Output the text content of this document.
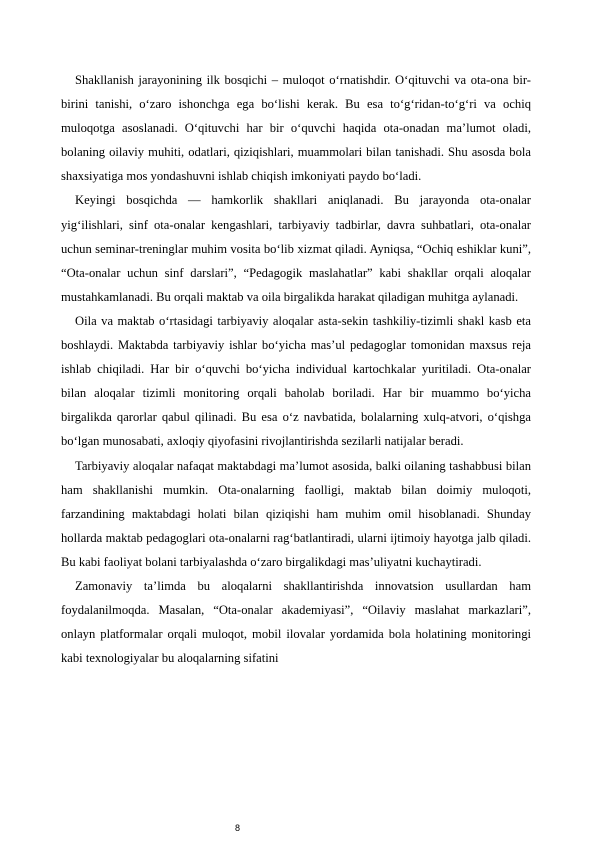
Shakllanish jarayonining ilk bosqichi – muloqot o‘rnatishdir. O‘qituvchi va ota-ona bir-birini tanishi, o‘zaro ishonchga ega bo‘lishi kerak. Bu esa to‘g‘ridan-to‘g‘ri va ochiq muloqotga asoslanadi. O‘qituvchi har bir o‘quvchi haqida ota-onadan ma’lumot oladi, bolaning oilaviy muhiti, odatlari, qiziqishlari, muammolari bilan tanishadi. Shu asosda bola shaxsiyatiga mos yondashuvni ishlab chiqish imkoniyati paydo bo‘ladi.

Keyingi bosqichda — hamkorlik shakllari aniqlanadi. Bu jarayonda ota-onalar yig‘ilishlari, sinf ota-onalar kengashlari, tarbiyaviy tadbirlar, davra suhbatlari, ota-onalar uchun seminar-treninglar muhim vosita bo‘lib xizmat qiladi. Ayniqsa, “Ochiq eshiklar kuni”, “Ota-onalar uchun sinf darslari”, “Pedagogik maslahatlar” kabi shakllar orqali aloqalar mustahkamlanadi. Bu orqali maktab va oila birgalikda harakat qiladigan muhitga aylanadi.

Oila va maktab o‘rtasidagi tarbiyaviy aloqalar asta-sekin tashkiliy-tizimli shakl kasb eta boshlaydi. Maktabda tarbiyaviy ishlar bo‘yicha mas’ul pedagoglar tomonidan maxsus reja ishlab chiqiladi. Har bir o‘quvchi bo‘yicha individual kartochkalar yuritiladi. Ota-onalar bilan aloqalar tizimli monitoring orqali baholab boriladi. Har bir muammo bo‘yicha birgalikda qarorlar qabul qilinadi. Bu esa o‘z navbatida, bolalarning xulq-atvori, o‘qishga bo‘lgan munosabati, axloqiy qiyofasini rivojlantirishda sezilarli natijalar beradi.

Tarbiyaviy aloqalar nafaqat maktabdagi ma’lumot asosida, balki oilaning tashabbusi bilan ham shakllanishi mumkin. Ota-onalarning faolligi, maktab bilan doimiy muloqoti, farzandining maktabdagi holati bilan qiziqishi ham muhim omil hisoblanadi. Shunday hollarda maktab pedagoglari ota-onalarni rag‘batlantiradi, ularni ijtimoiy hayotga jalb qiladi. Bu kabi faoliyat bolani tarbiyalashda o‘zaro birgalikdagi mas’uliyatni kuchaytiradi.

Zamonaviy ta’limda bu aloqalarni shakllantirishda innovatsion usullardan ham foydalanilmoqda. Masalan, “Ota-onalar akademiyasi”, “Oilaviy maslahat markazlari”, onlayn platformalar orqali muloqot, mobil ilovalar yordamida bola holatining monitoringi kabi texnologiyalar bu aloqalarning sifatini

8
